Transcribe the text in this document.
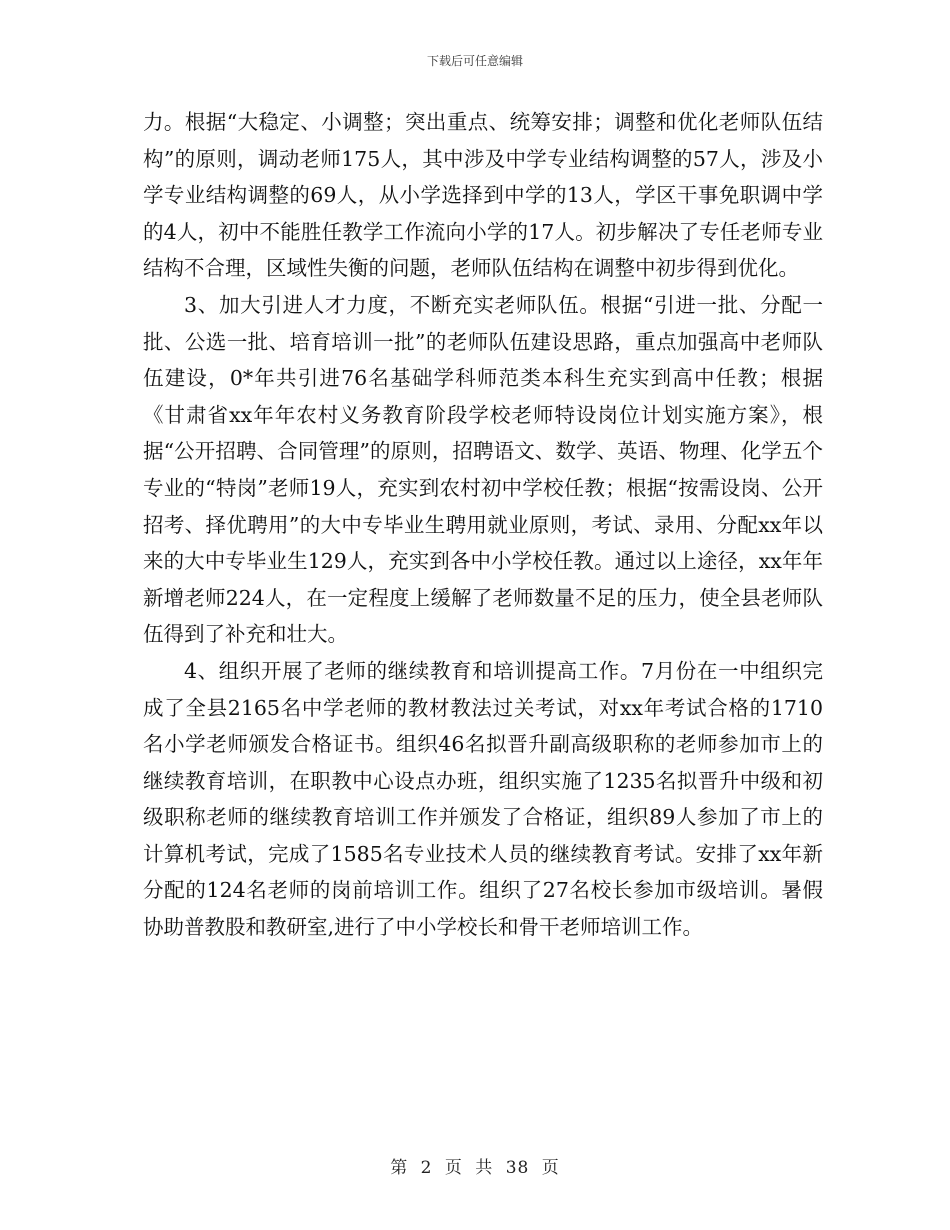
下载后可任意编辑

力。根据“大稳定、小调整；突出重点、统筹安排；调整和优化老师队伍结构”的原则，调动老师175人，其中涉及中学专业结构调整的57人，涉及小学专业结构调整的69人，从小学选择到中学的13人，学区干事免职调中学的4人，初中不能胜任教学工作流向小学的17人。初步解决了专任老师专业结构不合理，区域性失衡的问题，老师队伍结构在调整中初步得到优化。

3、加大引进人才力度，不断充实老师队伍。根据“引进一批、分配一批、公选一批、培育培训一批”的老师队伍建设思路，重点加强高中老师队伍建设，0*年共引进76名基础学科师范类本科生充实到高中任教；根据《甘肃省xx年年农村义务教育阶段学校老师特设岗位计划实施方案》，根据“公开招聘、合同管理”的原则，招聘语文、数学、英语、物理、化学五个专业的“特岗”老师19人，充实到农村初中学校任教；根据“按需设岗、公开招考、择优聘用”的大中专毕业生聘用就业原则，考试、录用、分配xx年以来的大中专毕业生129人，充实到各中小学校任教。通过以上途径，xx年年新增老师224人，在一定程度上缓解了老师数量不足的压力，使全县老师队伍得到了补充和壮大。

4、组织开展了老师的继续教育和培训提高工作。7月份在一中组织完成了全县2165名中学老师的教材教法过关考试，对xx年考试合格的1710名小学老师颁发合格证书。组织46名拟晋升副高级职称的老师参加市上的继续教育培训，在职教中心设点办班，组织实施了1235名拟晋升中级和初级职称老师的继续教育培训工作并颁发了合格证，组织89人参加了市上的计算机考试，完成了1585名专业技术人员的继续教育考试。安排了xx年新分配的124名老师的岗前培训工作。组织了27名校长参加市级培训。暑假协助普教股和教研室,进行了中小学校长和骨干老师培训工作。

第 2 页 共 38 页
